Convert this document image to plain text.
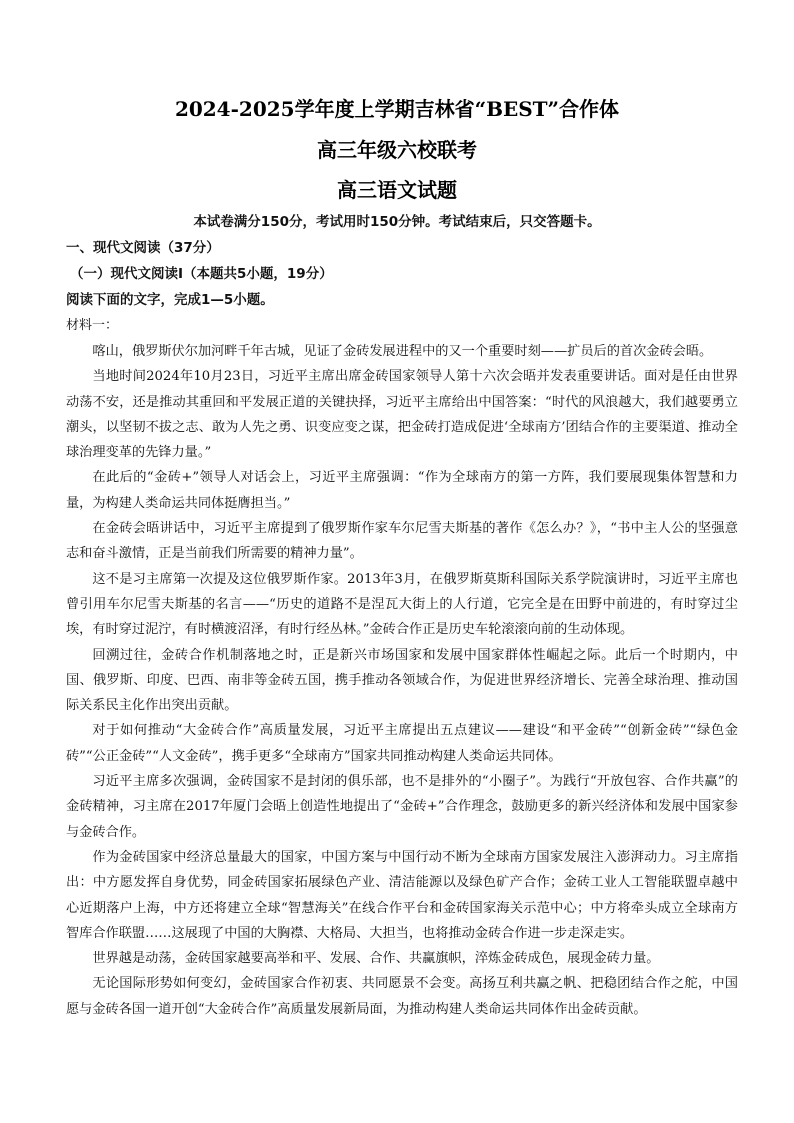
2024-2025学年度上学期吉林省“BEST”合作体
高三年级六校联考
高三语文试题
本试卷满分150分，考试用时150分钟。考试结束后，只交答题卡。
一、现代文阅读（37分）
（一）现代文阅读Ⅰ（本题共5小题，19分）
阅读下面的文字，完成1—5小题。
材料一：

喀山，俄罗斯伏尔加河畔千年古城，见证了金砖发展进程中的又一个重要时刻——扩员后的首次金砖会晤。

当地时间2024年10月23日，习近平主席出席金砖国家领导人第十六次会晤并发表重要讲话。面对是任由世界动荡不安，还是推动其重回和平发展正道的关键抉择，习近平主席给出中国答案：“时代的风浪越大，我们越要勇立潮头，以坚韧不拔之志、敢为人先之勇、识变应变之谋，把金砖打造成促进‘全球南方’团结合作的主要渠道、推动全球治理变革的先锋力量。”

在此后的“金砖+”领导人对话会上，习近平主席强调：“作为全球南方的第一方阵，我们要展现集体智慧和力量，为构建人类命运共同体挺膺担当。”

在金砖会晤讲话中，习近平主席提到了俄罗斯作家车尔尼雪夫斯基的著作《怎么办？》，“书中主人公的坚强意志和奋斗激情，正是当前我们所需要的精神力量”。

这不是习主席第一次提及这位俄罗斯作家。2013年3月，在俄罗斯莫斯科国际关系学院演讲时，习近平主席也曾引用车尔尼雪夫斯基的名言——“历史的道路不是涅瓦大街上的人行道，它完全是在田野中前进的，有时穿过尘埃，有时穿过泥泞，有时横渡沼泽，有时行经丛林。”金砖合作正是历史车轮滚滚向前的生动体现。

回溯过往，金砖合作机制落地之时，正是新兴市场国家和发展中国家群体性崛起之际。此后一个时期内，中国、俄罗斯、印度、巴西、南非等金砖五国，携手推动各领域合作，为促进世界经济增长、完善全球治理、推动国际关系民主化作出突出贡献。

对于如何推动“大金砖合作”高质量发展，习近平主席提出五点建议——建设“和平金砖”“创新金砖”“绿色金砖”“公正金砖”“人文金砖”，携手更多“全球南方”国家共同推动构建人类命运共同体。

习近平主席多次强调，金砖国家不是封闭的俱乐部，也不是排外的“小圈子”。为践行“开放包容、合作共赢”的金砖精神，习主席在2017年厦门会晤上创造性地提出了“金砖+”合作理念，鼓励更多的新兴经济体和发展中国家参与金砖合作。

作为金砖国家中经济总量最大的国家，中国方案与中国行动不断为全球南方国家发展注入澎湃动力。习主席指出：中方愿发挥自身优势，同金砖国家拓展绿色产业、清洁能源以及绿色矿产合作；金砖工业人工智能联盟卓越中心近期落户上海，中方还将建立全球“智慧海关”在线合作平台和金砖国家海关示范中心；中方将牵头成立全球南方智库合作联盟……这展现了中国的大胸襟、大格局、大担当，也将推动金砖合作进一步走深走实。

世界越是动荡，金砖国家越要高举和平、发展、合作、共赢旗帜，淬炼金砖成色，展现金砖力量。

无论国际形势如何变幻，金砖国家合作初衷、共同愿景不会变。高扬互利共赢之帆、把稳团结合作之舵，中国愿与金砖各国一道开创“大金砖合作”高质量发展新局面，为推动构建人类命运共同体作出金砖贡献。
